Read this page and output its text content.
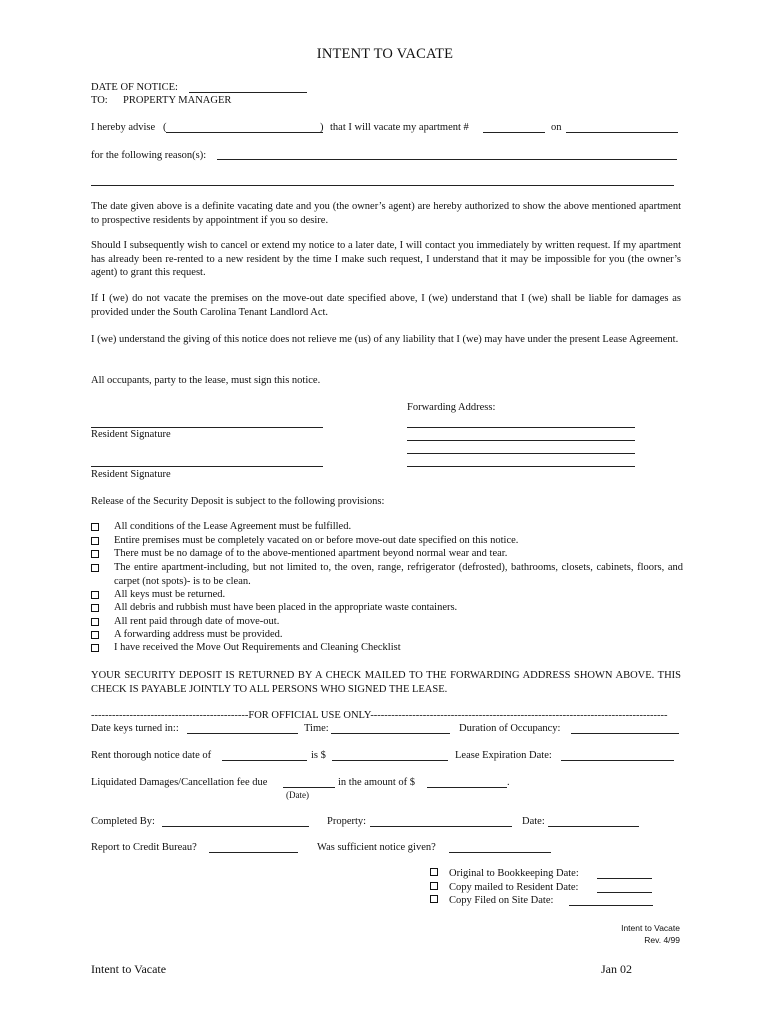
INTENT TO VACATE
DATE OF NOTICE:
TO: PROPERTY MANAGER
I hereby advise (	) that I will vacate my apartment #	on
for the following reason(s):
The date given above is a definite vacating date and you (the owner’s agent) are hereby authorized to show the above mentioned apartment to prospective residents by appointment if you so desire.
Should I subsequently wish to cancel or extend my notice to a later date, I will contact you immediately by written request. If my apartment has already been re-rented to a new resident by the time I make such request, I understand that it may be impossible for you (the owner’s agent) to grant this request.
If I (we) do not vacate the premises on the move-out date specified above, I (we) understand that I (we) shall be liable for damages as provided under the South Carolina Tenant Landlord Act.
I (we) understand the giving of this notice does not relieve me (us) of any liability that I (we) may have under the present Lease Agreement.
All occupants, party to the lease, must sign this notice.
Forwarding Address:
Resident Signature
Resident Signature
Release of the Security Deposit is subject to the following provisions:
All conditions of the Lease Agreement must be fulfilled.
Entire premises must be completely vacated on or before move-out date specified on this notice.
There must be no damage of to the above-mentioned apartment beyond normal wear and tear.
The entire apartment-including, but not limited to, the oven, range, refrigerator (defrosted), bathrooms, closets, cabinets, floors, and carpet (not spots)- is to be clean.
All keys must be returned.
All debris and rubbish must have been placed in the appropriate waste containers.
All rent paid through date of move-out.
A forwarding address must be provided.
I have received the Move Out Requirements and Cleaning Checklist
YOUR SECURITY DEPOSIT IS RETURNED BY A CHECK MAILED TO THE FORWARDING ADDRESS SHOWN ABOVE. THIS CHECK IS PAYABLE JOINTLY TO ALL PERSONS WHO SIGNED THE LEASE.
---------------------------------------------FOR OFFICIAL USE ONLY-------------------------------------------------------------------------------------
Date keys turned in::	Time:	Duration of Occupancy:
Rent thorough notice date of	is $	Lease Expiration Date:
Liquidated Damages/Cancellation fee due	in the amount of $	.
(Date)
Completed By:	Property:	Date:
Report to Credit Bureau?	Was sufficient notice given?
Original to Bookkeeping Date:
Copy mailed to Resident Date:
Copy Filed on Site Date:
Intent to Vacate
Rev. 4/99
Intent to Vacate	Jan 02
